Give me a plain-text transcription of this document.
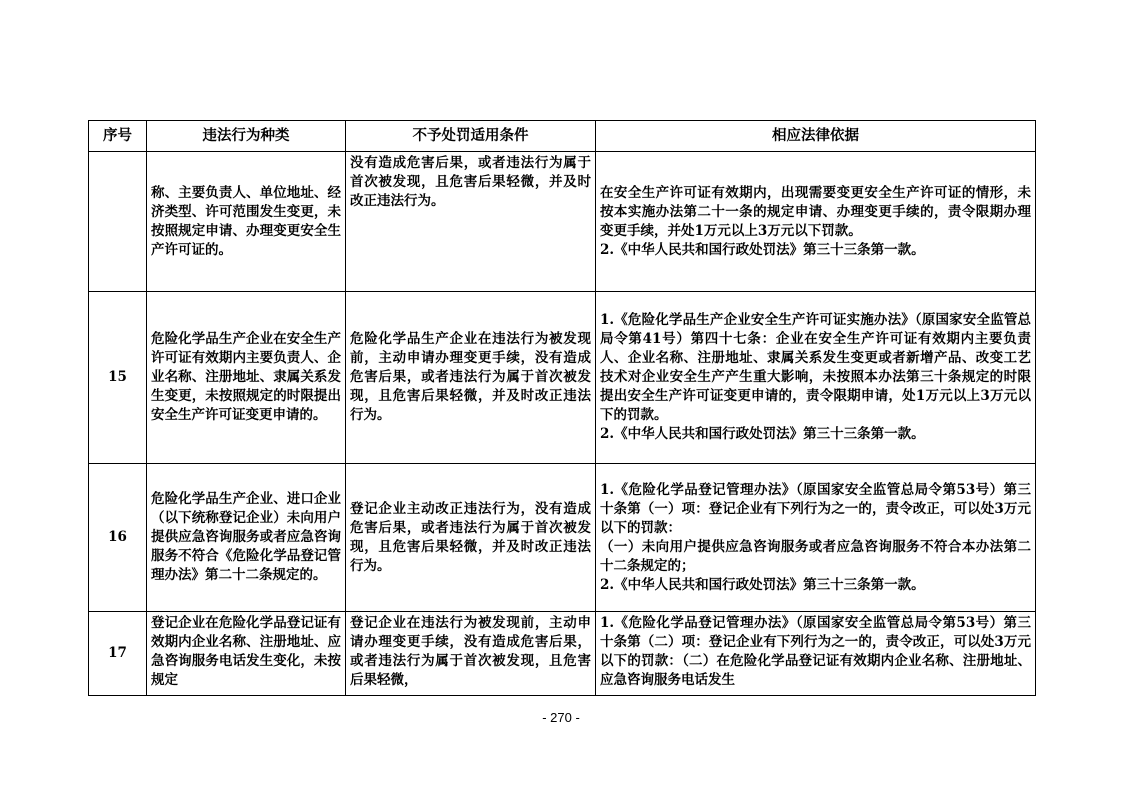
序号	违法行为种类	不予处罚适用条件	相应法律依据

	称、主要负责人、单位地址、经济类型、许可范围发生变更，未按照规定申请、办理变更安全生产许可证的。	没有造成危害后果，或者违法行为属于首次被发现，且危害后果轻微，并及时改正违法行为。	在安全生产许可证有效期内，出现需要变更安全生产许可证的情形，未按本实施办法第二十一条的规定申请、办理变更手续的，责令限期办理变更手续，并处1万元以上3万元以下罚款。
2.《中华人民共和国行政处罚法》第三十三条第一款。

15	危险化学品生产企业在安全生产许可证有效期内主要负责人、企业名称、注册地址、隶属关系发生变更，未按照规定的时限提出安全生产许可证变更申请的。	危险化学品生产企业在违法行为被发现前，主动申请办理变更手续，没有造成危害后果，或者违法行为属于首次被发现，且危害后果轻微，并及时改正违法行为。	1.《危险化学品生产企业安全生产许可证实施办法》（原国家安全监管总局令第41号）第四十七条：企业在安全生产许可证有效期内主要负责人、企业名称、注册地址、隶属关系发生变更或者新增产品、改变工艺技术对企业安全生产产生重大影响，未按照本办法第三十条规定的时限提出安全生产许可证变更申请的，责令限期申请，处1万元以上3万元以下的罚款。
2.《中华人民共和国行政处罚法》第三十三条第一款。

16	危险化学品生产企业、进口企业（以下统称登记企业）未向用户提供应急咨询服务或者应急咨询服务不符合《危险化学品登记管理办法》第二十二条规定的。	登记企业主动改正违法行为，没有造成危害后果，或者违法行为属于首次被发现，且危害后果轻微，并及时改正违法行为。	1.《危险化学品登记管理办法》（原国家安全监管总局令第53号）第三十条第（一）项：登记企业有下列行为之一的，责令改正，可以处3万元以下的罚款：
（一）未向用户提供应急咨询服务或者应急咨询服务不符合本办法第二十二条规定的；
2.《中华人民共和国行政处罚法》第三十三条第一款。

17	登记企业在危险化学品登记证有效期内企业名称、注册地址、应急咨询服务电话发生变化，未按规定	登记企业在违法行为被发现前，主动申请办理变更手续，没有造成危害后果，或者违法行为属于首次被发现，且危害后果轻微，	1.《危险化学品登记管理办法》（原国家安全监管总局令第53号）第三十条第（二）项：登记企业有下列行为之一的，责令改正，可以处3万元以下的罚款：（二）在危险化学品登记证有效期内企业名称、注册地址、应急咨询服务电话发生
- 270 -
